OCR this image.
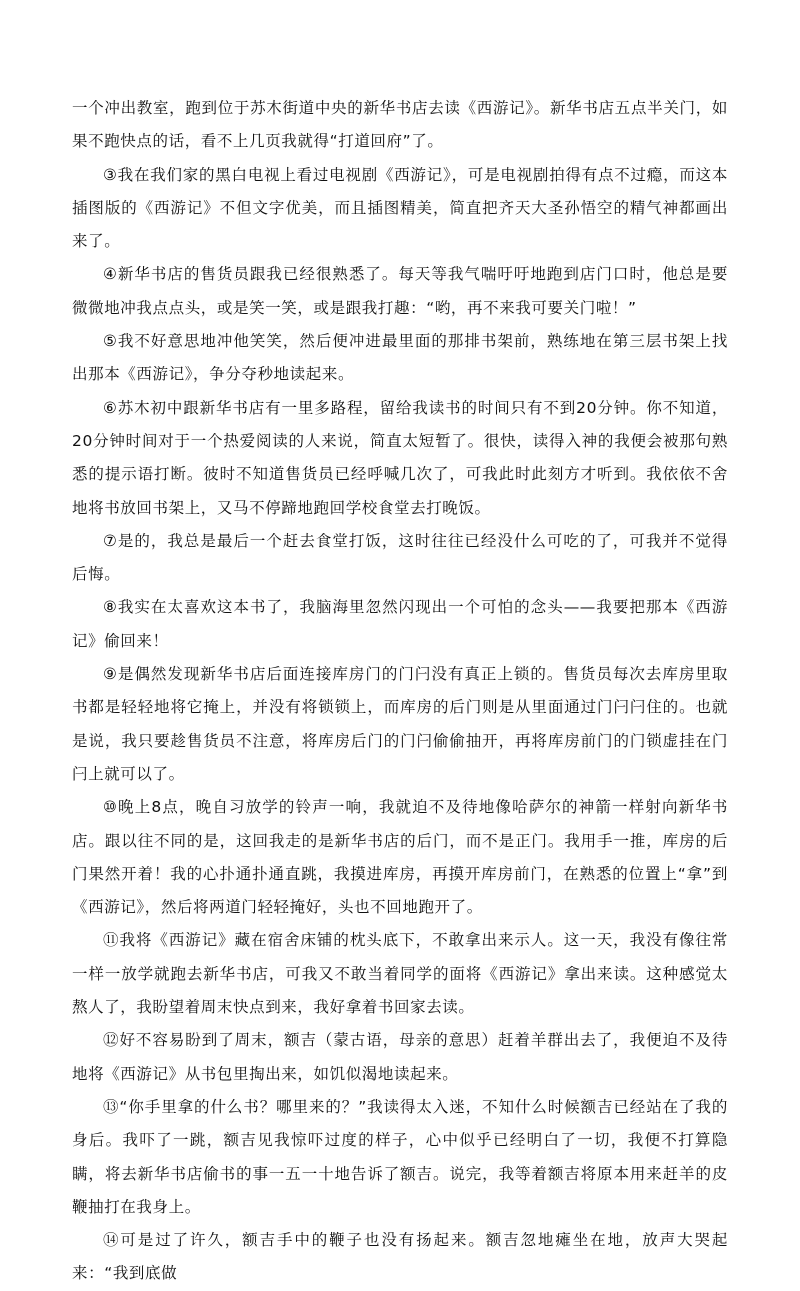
一个冲出教室，跑到位于苏木街道中央的新华书店去读《西游记》。新华书店五点半关门，如果不跑快点的话，看不上几页我就得“打道回府”了。

③我在我们家的黑白电视上看过电视剧《西游记》，可是电视剧拍得有点不过瘾，而这本插图版的《西游记》不但文字优美，而且插图精美，简直把齐天大圣孙悟空的精气神都画出来了。

④新华书店的售货员跟我已经很熟悉了。每天等我气喘吁吁地跑到店门口时，他总是要微微地冲我点点头，或是笑一笑，或是跟我打趣：“哟，再不来我可要关门啦！”

⑤我不好意思地冲他笑笑，然后便冲进最里面的那排书架前，熟练地在第三层书架上找出那本《西游记》，争分夺秒地读起来。

⑥苏木初中跟新华书店有一里多路程，留给我读书的时间只有不到20分钟。你不知道，20分钟时间对于一个热爱阅读的人来说，简直太短暂了。很快，读得入神的我便会被那句熟悉的提示语打断。彼时不知道售货员已经呼喊几次了，可我此时此刻方才听到。我依依不舍地将书放回书架上，又马不停蹄地跑回学校食堂去打晚饭。

⑦是的，我总是最后一个赶去食堂打饭，这时往往已经没什么可吃的了，可我并不觉得后悔。

⑧我实在太喜欢这本书了，我脑海里忽然闪现出一个可怕的念头——我要把那本《西游记》偷回来！

⑨是偶然发现新华书店后面连接库房门的门闩没有真正上锁的。售货员每次去库房里取书都是轻轻地将它掩上，并没有将锁锁上，而库房的后门则是从里面通过门闩闩住的。也就是说，我只要趁售货员不注意，将库房后门的门闩偷偷抽开，再将库房前门的门锁虚挂在门闩上就可以了。

⑩晚上8点，晚自习放学的铃声一响，我就迫不及待地像哈萨尔的神箭一样射向新华书店。跟以往不同的是，这回我走的是新华书店的后门，而不是正门。我用手一推，库房的后门果然开着！我的心扑通扑通直跳，我摸进库房，再摸开库房前门，在熟悉的位置上“拿”到《西游记》，然后将两道门轻轻掩好，头也不回地跑开了。

⑪我将《西游记》藏在宿舍床铺的枕头底下，不敢拿出来示人。这一天，我没有像往常一样一放学就跑去新华书店，可我又不敢当着同学的面将《西游记》拿出来读。这种感觉太熬人了，我盼望着周末快点到来，我好拿着书回家去读。

⑫好不容易盼到了周末，额吉（蒙古语，母亲的意思）赶着羊群出去了，我便迫不及待地将《西游记》从书包里掏出来，如饥似渴地读起来。

⑬“你手里拿的什么书？哪里来的？”我读得太入迷，不知什么时候额吉已经站在了我的身后。我吓了一跳，额吉见我惊吓过度的样子，心中似乎已经明白了一切，我便不打算隐瞒，将去新华书店偷书的事一五一十地告诉了额吉。说完，我等着额吉将原本用来赶羊的皮鞭抽打在我身上。

⑭可是过了许久，额吉手中的鞭子也没有扬起来。额吉忽地瘫坐在地，放声大哭起来：“我到底做
